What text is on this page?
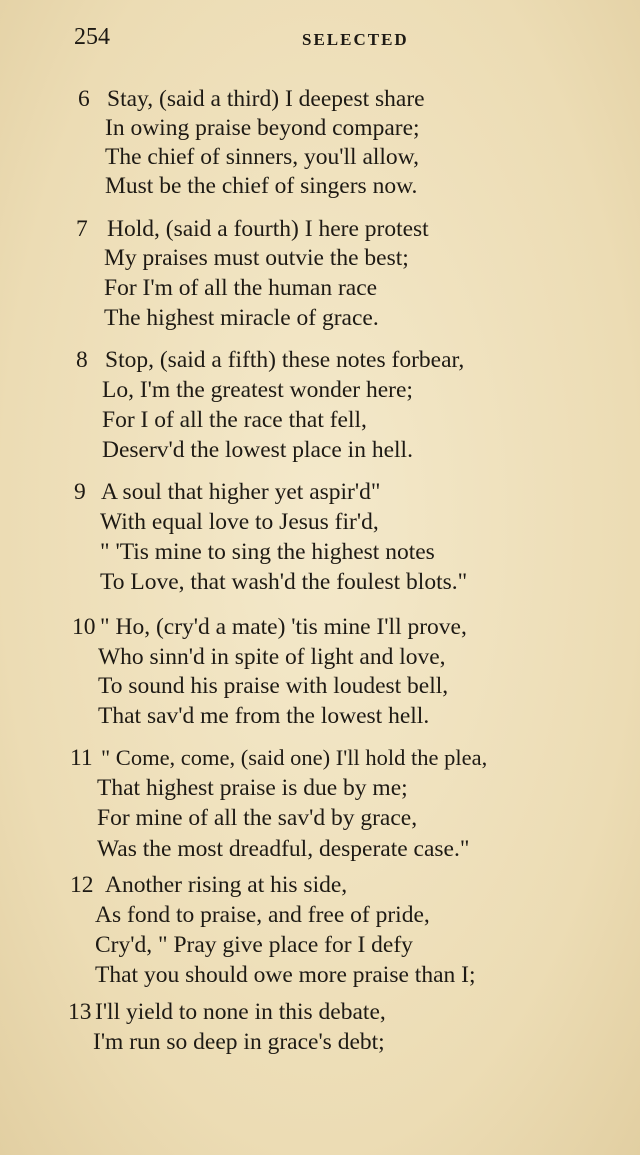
254	SELECTED
6 Stay, (said a third) I deepest share
In owing praise beyond compare;
The chief of sinners, you'll allow,
Must be the chief of singers now.
7 Hold, (said a fourth) I here protest
My praises must outvie the best;
For I'm of all the human race
The highest miracle of grace.
8 Stop, (said a fifth) these notes forbear,
Lo, I'm the greatest wonder here;
For I of all the race that fell,
Deserv'd the lowest place in hell.
9 A soul that higher yet aspir'd"
With equal love to Jesus fir'd,
" 'Tis mine to sing the highest notes
To Love, that wash'd the foulest blots."
10 " Ho, (cry'd a mate) 'tis mine I'll prove,
Who sinn'd in spite of light and love,
To sound his praise with loudest bell,
That sav'd me from the lowest hell.
11 " Come, come, (said one) I'll hold the plea,
That highest praise is due by me;
For mine of all the sav'd by grace,
Was the most dreadful, desperate case."
12 Another rising at his side,
As fond to praise, and free of pride,
Cry'd, " Pray give place for I defy
That you should owe more praise than I;
13 I'll yield to none in this debate,
I'm run so deep in grace's debt;
